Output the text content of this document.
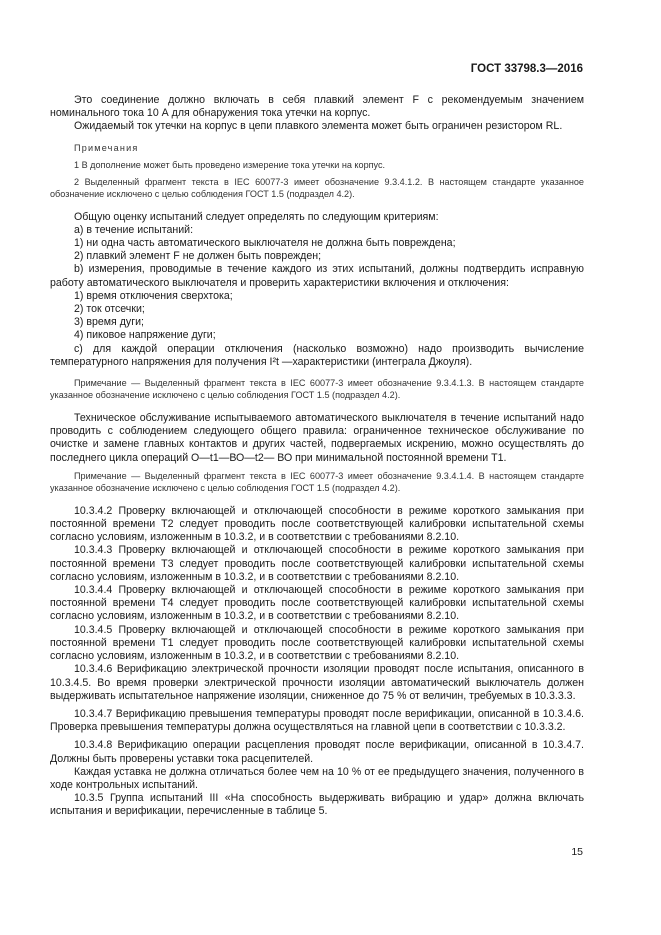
ГОСТ 33798.3—2016

Это соединение должно включать в себя плавкий элемент F с рекомендуемым значением номинального тока 10 А для обнаружения тока утечки на корпус.

Ожидаемый ток утечки на корпус в цепи плавкого элемента может быть ограничен резистором RL.

Примечания

1 В дополнение может быть проведено измерение тока утечки на корпус.

2 Выделенный фрагмент текста в IEC 60077-3 имеет обозначение 9.3.4.1.2. В настоящем стандарте указанное обозначение исключено с целью соблюдения ГОСТ 1.5 (подраздел 4.2).

Общую оценку испытаний следует определять по следующим критериям:

a) в течение испытаний:

1) ни одна часть автоматического выключателя не должна быть повреждена;

2) плавкий элемент F не должен быть поврежден;

b) измерения, проводимые в течение каждого из этих испытаний, должны подтвердить исправную работу автоматического выключателя и проверить характеристики включения и отключения:

1) время отключения сверхтока;

2) ток отсечки;

3) время дуги;

4) пиковое напряжение дуги;

c) для каждой операции отключения (насколько возможно) надо производить вычисление температурного напряжения для получения I²t —характеристики (интеграла Джоуля).

Примечание — Выделенный фрагмент текста в IEC 60077-3 имеет обозначение 9.3.4.1.3. В настоящем стандарте указанное обозначение исключено с целью соблюдения ГОСТ 1.5 (подраздел 4.2).

Техническое обслуживание испытываемого автоматического выключателя в течение испытаний надо проводить с соблюдением следующего общего правила: ограниченное техническое обслуживание по очистке и замене главных контактов и других частей, подвергаемых искрению, можно осуществлять до последнего цикла операций О—t1—ВО—t2— ВО при минимальной постоянной времени T1.

Примечание — Выделенный фрагмент текста в IEC 60077-3 имеет обозначение 9.3.4.1.4. В настоящем стандарте указанное обозначение исключено с целью соблюдения ГОСТ 1.5 (подраздел 4.2).

10.3.4.2 Проверку включающей и отключающей способности в режиме короткого замыкания при постоянной времени T2 следует проводить после соответствующей калибровки испытательной схемы согласно условиям, изложенным в 10.3.2, и в соответствии с требованиями 8.2.10.

10.3.4.3 Проверку включающей и отключающей способности в режиме короткого замыкания при постоянной времени T3 следует проводить после соответствующей калибровки испытательной схемы согласно условиям, изложенным в 10.3.2, и в соответствии с требованиями 8.2.10.

10.3.4.4 Проверку включающей и отключающей способности в режиме короткого замыкания при постоянной времени T4 следует проводить после соответствующей калибровки испытательной схемы согласно условиям, изложенным в 10.3.2, и в соответствии с требованиями 8.2.10.

10.3.4.5 Проверку включающей и отключающей способности в режиме короткого замыкания при постоянной времени T1 следует проводить после соответствующей калибровки испытательной схемы согласно условиям, изложенным в 10.3.2, и в соответствии с требованиями 8.2.10.

10.3.4.6 Верификацию электрической прочности изоляции проводят после испытания, описанного в 10.3.4.5. Во время проверки электрической прочности изоляции автоматический выключатель должен выдерживать испытательное напряжение изоляции, сниженное до 75 % от величин, требуемых в 10.3.3.3.

10.3.4.7 Верификацию превышения температуры проводят после верификации, описанной в 10.3.4.6. Проверка превышения температуры должна осуществляться на главной цепи в соответствии с 10.3.3.2.

10.3.4.8 Верификацию операции расцепления проводят после верификации, описанной в 10.3.4.7. Должны быть проверены уставки тока расцепителей.

Каждая уставка не должна отличаться более чем на 10 % от ее предыдущего значения, полученного в ходе контрольных испытаний.

10.3.5 Группа испытаний III «На способность выдерживать вибрацию и удар» должна включать испытания и верификации, перечисленные в таблице 5.

15
